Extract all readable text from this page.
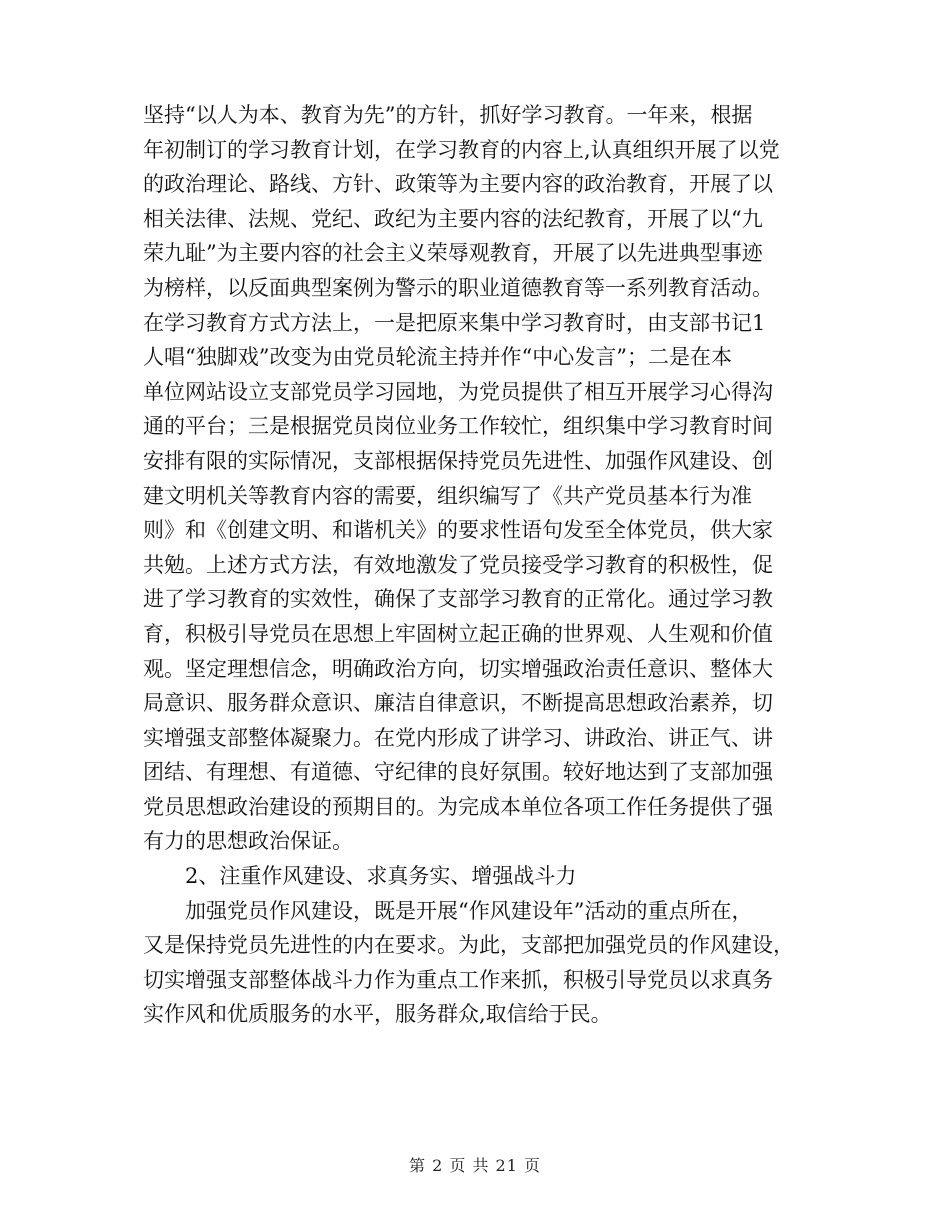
坚持“以人为本、教育为先”的方针，抓好学习教育。一年来，根据
年初制订的学习教育计划，在学习教育的内容上,认真组织开展了以党
的政治理论、路线、方针、政策等为主要内容的政治教育，开展了以
相关法律、法规、党纪、政纪为主要内容的法纪教育，开展了以“九
荣九耻”为主要内容的社会主义荣辱观教育，开展了以先进典型事迹
为榜样，以反面典型案例为警示的职业道德教育等一系列教育活动。
在学习教育方式方法上，一是把原来集中学习教育时，由支部书记1
人唱“独脚戏”改变为由党员轮流主持并作“中心发言”；二是在本
单位网站设立支部党员学习园地，为党员提供了相互开展学习心得沟
通的平台；三是根据党员岗位业务工作较忙，组织集中学习教育时间
安排有限的实际情况，支部根据保持党员先进性、加强作风建设、创
建文明机关等教育内容的需要，组织编写了《共产党员基本行为准
则》和《创建文明、和谐机关》的要求性语句发至全体党员，供大家
共勉。上述方式方法，有效地激发了党员接受学习教育的积极性，促
进了学习教育的实效性，确保了支部学习教育的正常化。通过学习教
育，积极引导党员在思想上牢固树立起正确的世界观、人生观和价值
观。坚定理想信念，明确政治方向，切实增强政治责任意识、整体大
局意识、服务群众意识、廉洁自律意识，不断提高思想政治素养，切
实增强支部整体凝聚力。在党内形成了讲学习、讲政治、讲正气、讲
团结、有理想、有道德、守纪律的良好氛围。较好地达到了支部加强
党员思想政治建设的预期目的。为完成本单位各项工作任务提供了强
有力的思想政治保证。
2、注重作风建设、求真务实、增强战斗力
加强党员作风建设，既是开展“作风建设年”活动的重点所在，
又是保持党员先进性的内在要求。为此，支部把加强党员的作风建设，
切实增强支部整体战斗力作为重点工作来抓，积极引导党员以求真务
实作风和优质服务的水平，服务群众,取信给于民。
第 2 页 共 21 页
